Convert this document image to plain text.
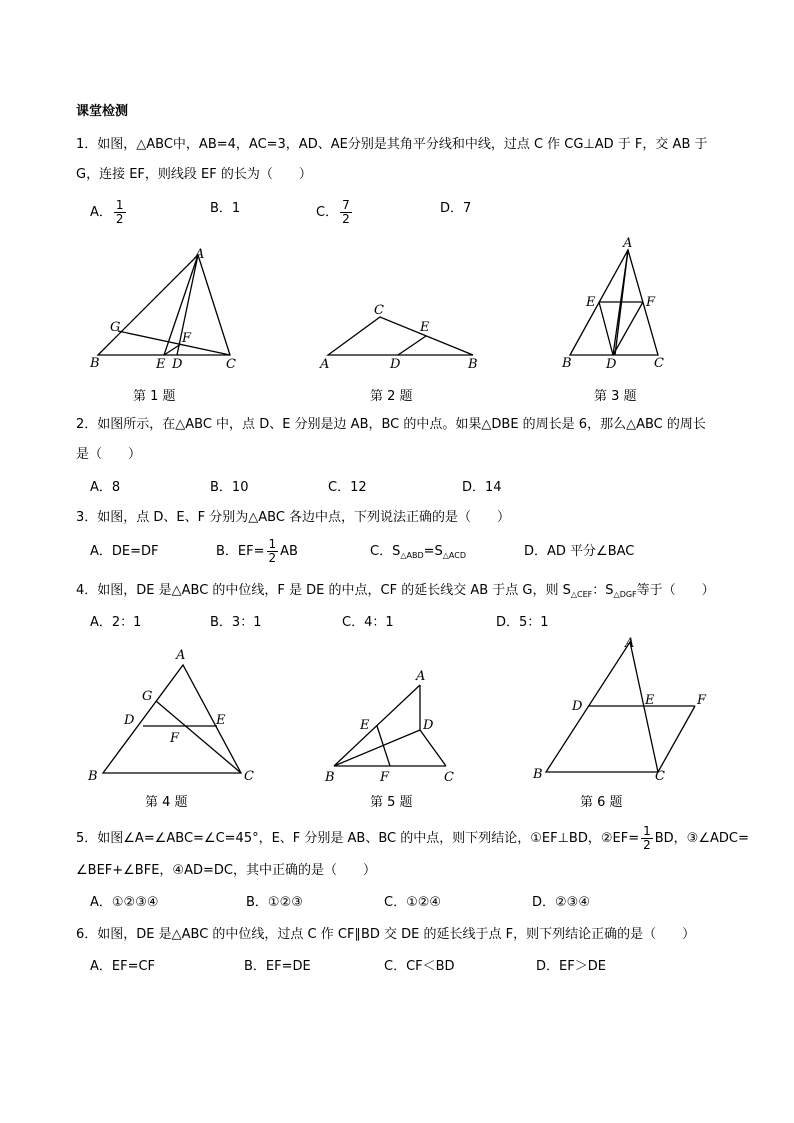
课堂检测
1．如图，△ABC中，AB=4，AC=3，AD、AE分别是其角平分线和中线，过点 C 作 CG⊥AD 于 F，交 AB 于
G，连接 EF，则线段 EF 的长为（　　）
A． $\frac{1}{2}$	B．1	C． $\frac{7}{2}$	D．7
A
G
F
B	E D	C
第 1 题
C
E
A	D	B
第 2 题
A
E	F
B	D	C
第 3 题
2．如图所示，在△ABC 中，点 D、E 分别是边 AB，BC 的中点。如果△DBE 的周长是 6，那么△ABC 的周长
是（　　）
A．8	B．10	C．12	D．14
3．如图，点 D、E、F 分别为△ABC 各边中点，下列说法正确的是（　　）
A．DE=DF	B．$EF= \frac{1}{2}$ AB	C．$S_{\triangle ABD}=S_{\triangle ACD}$	D．AD 平分∠BAC
4．如图，DE 是△ABC 的中位线，F 是 DE 的中点，CF 的延长线交 AB 于点 G，则 $S_{\triangle CEF}$：$S_{\triangle DGF}$等于（　　）
A．2：1	B．3：1	C．4：1	D．5：1
A
G
D	E
F
B	C
第 4 题
A
E	D
B	F	C
第 5 题
A
D	E	F
B	C
第 6 题
5．如图∠A=∠ABC=∠C=45°，E、F 分别是 AB、BC 的中点，则下列结论，①EF⊥BD，②EF= $\frac{1}{2}$ BD，③∠ADC=
∠BEF+∠BFE，④AD=DC，其中正确的是（　　）
A．①②③④	B．①②③	C．①②④	D．②③④
6．如图，DE 是△ABC 的中位线，过点 C 作 CF∥BD 交 DE 的延长线于点 F，则下列结论正确的是（　　）
A．EF=CF	B．EF=DE	C．CF＜BD	D．EF＞DE
